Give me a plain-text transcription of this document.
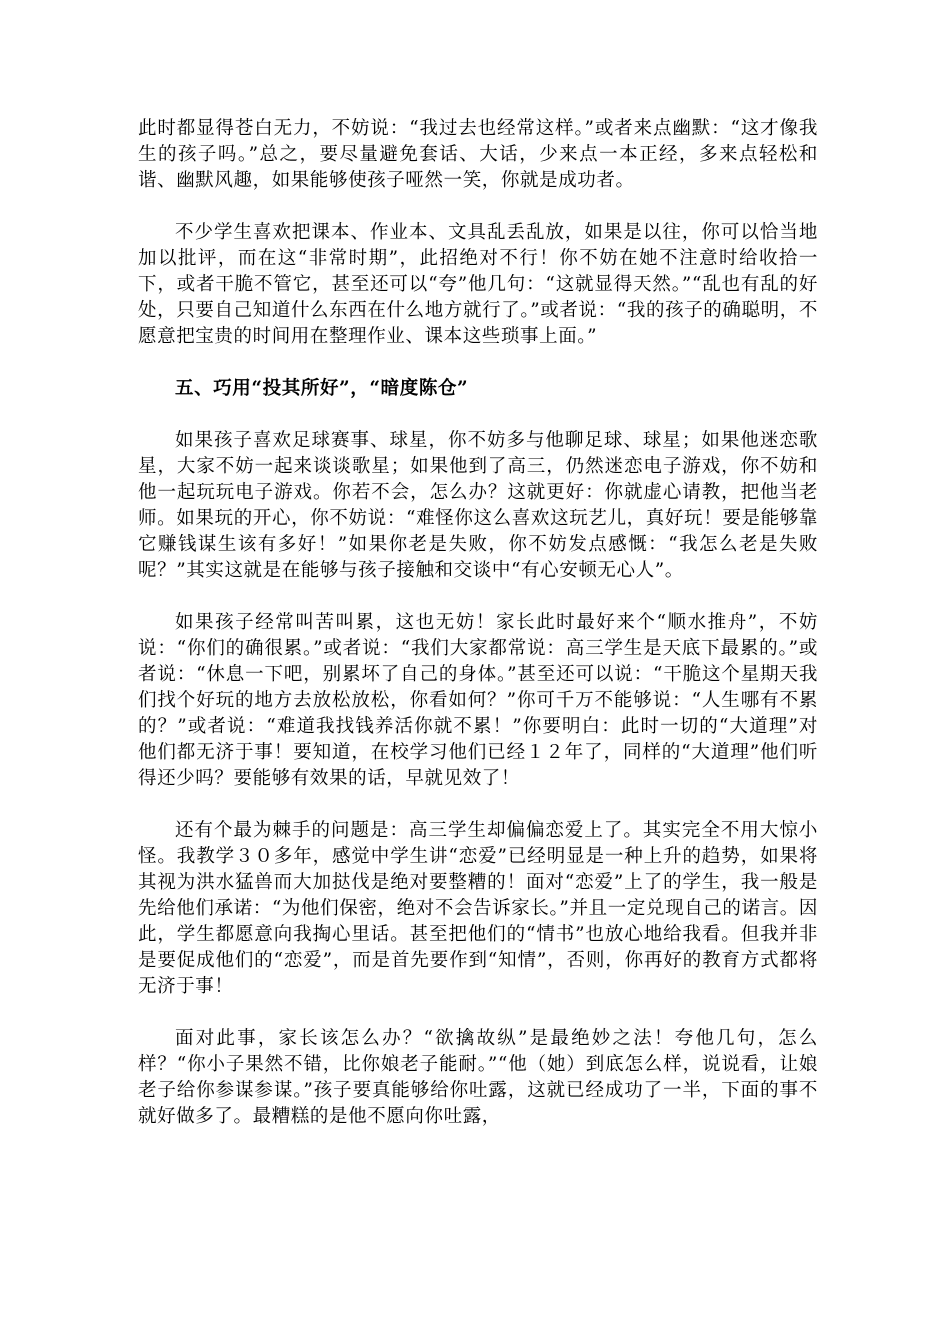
此时都显得苍白无力，不妨说：“我过去也经常这样。”或者来点幽默：“这才像我生的孩子吗。”总之，要尽量避免套话、大话，少来点一本正经，多来点轻松和谐、幽默风趣，如果能够使孩子哑然一笑，你就是成功者。

不少学生喜欢把课本、作业本、文具乱丢乱放，如果是以往，你可以恰当地加以批评，而在这“非常时期”，此招绝对不行！你不妨在她不注意时给收拾一下，或者干脆不管它，甚至还可以“夸”他几句：“这就显得天然。”“乱也有乱的好处，只要自己知道什么东西在什么地方就行了。”或者说：“我的孩子的确聪明，不愿意把宝贵的时间用在整理作业、课本这些琐事上面。”

五、巧用“投其所好”，“暗度陈仓”

如果孩子喜欢足球赛事、球星，你不妨多与他聊足球、球星；如果他迷恋歌星，大家不妨一起来谈谈歌星；如果他到了高三，仍然迷恋电子游戏，你不妨和他一起玩玩电子游戏。你若不会，怎么办？这就更好：你就虚心请教，把他当老师。如果玩的开心，你不妨说：“难怪你这么喜欢这玩艺儿，真好玩！要是能够靠它赚钱谋生该有多好！”如果你老是失败，你不妨发点感慨：“我怎么老是失败呢？”其实这就是在能够与孩子接触和交谈中“有心安顿无心人”。

如果孩子经常叫苦叫累，这也无妨！家长此时最好来个“顺水推舟”，不妨说：“你们的确很累。”或者说：“我们大家都常说：高三学生是天底下最累的。”或者说：“休息一下吧，别累坏了自己的身体。”甚至还可以说：“干脆这个星期天我们找个好玩的地方去放松放松，你看如何？”你可千万不能够说：“人生哪有不累的？”或者说：“难道我找钱养活你就不累！”你要明白：此时一切的“大道理”对他们都无济于事！要知道，在校学习他们已经１２年了，同样的“大道理”他们听得还少吗？要能够有效果的话，早就见效了！

还有个最为棘手的问题是：高三学生却偏偏恋爱上了。其实完全不用大惊小怪。我教学３０多年，感觉中学生讲“恋爱”已经明显是一种上升的趋势，如果将其视为洪水猛兽而大加挞伐是绝对要整糟的！面对“恋爱”上了的学生，我一般是先给他们承诺：“为他们保密，绝对不会告诉家长。”并且一定兑现自己的诺言。因此，学生都愿意向我掏心里话。甚至把他们的“情书”也放心地给我看。但我并非是要促成他们的“恋爱”，而是首先要作到“知情”，否则，你再好的教育方式都将无济于事！

面对此事，家长该怎么办？“欲擒故纵”是最绝妙之法！夸他几句，怎么样？“你小子果然不错，比你娘老子能耐。”“他（她）到底怎么样，说说看，让娘老子给你参谋参谋。”孩子要真能够给你吐露，这就已经成功了一半，下面的事不就好做多了。最糟糕的是他不愿向你吐露，
